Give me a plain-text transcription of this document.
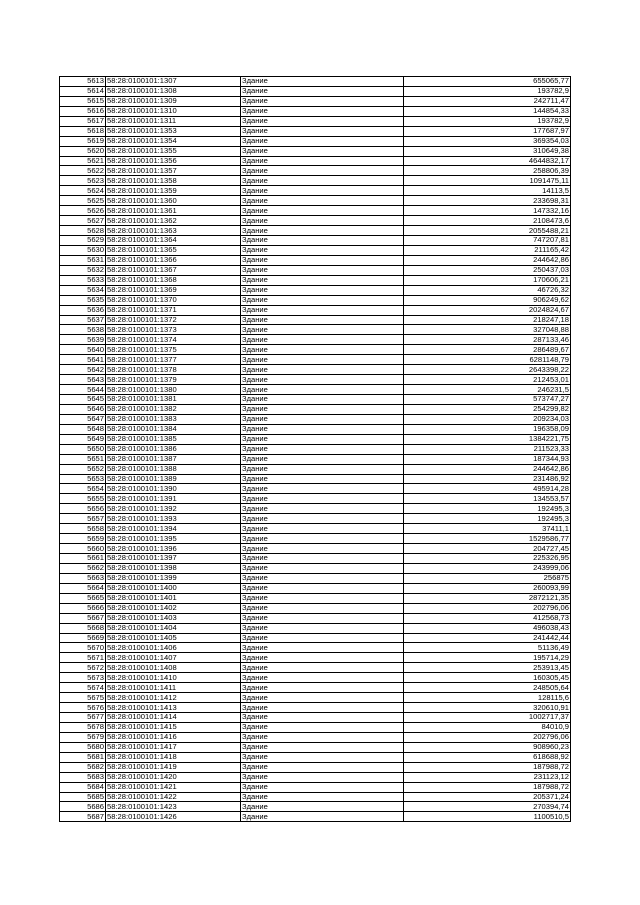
5613	58:28:0100101:1307	Здание	655065,77
5614	58:28:0100101:1308	Здание	193782,9
5615	58:28:0100101:1309	Здание	242711,47
5616	58:28:0100101:1310	Здание	144854,33
5617	58:28:0100101:1311	Здание	193782,9
5618	58:28:0100101:1353	Здание	177687,97
5619	58:28:0100101:1354	Здание	369354,03
5620	58:28:0100101:1355	Здание	310649,38
5621	58:28:0100101:1356	Здание	4644832,17
5622	58:28:0100101:1357	Здание	258806,39
5623	58:28:0100101:1358	Здание	1091475,11
5624	58:28:0100101:1359	Здание	14113,5
5625	58:28:0100101:1360	Здание	233698,31
5626	58:28:0100101:1361	Здание	147332,16
5627	58:28:0100101:1362	Здание	2108473,6
5628	58:28:0100101:1363	Здание	2055488,21
5629	58:28:0100101:1364	Здание	747207,81
5630	58:28:0100101:1365	Здание	211165,42
5631	58:28:0100101:1366	Здание	244642,86
5632	58:28:0100101:1367	Здание	250437,03
5633	58:28:0100101:1368	Здание	170606,21
5634	58:28:0100101:1369	Здание	46726,32
5635	58:28:0100101:1370	Здание	906249,62
5636	58:28:0100101:1371	Здание	2024824,67
5637	58:28:0100101:1372	Здание	218247,18
5638	58:28:0100101:1373	Здание	327048,88
5639	58:28:0100101:1374	Здание	287133,46
5640	58:28:0100101:1375	Здание	286489,67
5641	58:28:0100101:1377	Здание	6281148,79
5642	58:28:0100101:1378	Здание	2643398,22
5643	58:28:0100101:1379	Здание	212453,01
5644	58:28:0100101:1380	Здание	246231,5
5645	58:28:0100101:1381	Здание	573747,27
5646	58:28:0100101:1382	Здание	254299,82
5647	58:28:0100101:1383	Здание	209234,03
5648	58:28:0100101:1384	Здание	196358,09
5649	58:28:0100101:1385	Здание	1384221,75
5650	58:28:0100101:1386	Здание	211523,33
5651	58:28:0100101:1387	Здание	187344,93
5652	58:28:0100101:1388	Здание	244642,86
5653	58:28:0100101:1389	Здание	231486,92
5654	58:28:0100101:1390	Здание	495914,28
5655	58:28:0100101:1391	Здание	134553,57
5656	58:28:0100101:1392	Здание	192495,3
5657	58:28:0100101:1393	Здание	192495,3
5658	58:28:0100101:1394	Здание	37411,1
5659	58:28:0100101:1395	Здание	1529586,77
5660	58:28:0100101:1396	Здание	204727,45
5661	58:28:0100101:1397	Здание	225326,95
5662	58:28:0100101:1398	Здание	243999,06
5663	58:28:0100101:1399	Здание	256875
5664	58:28:0100101:1400	Здание	260093,99
5665	58:28:0100101:1401	Здание	2872121,35
5666	58:28:0100101:1402	Здание	202796,06
5667	58:28:0100101:1403	Здание	412568,73
5668	58:28:0100101:1404	Здание	496038,43
5669	58:28:0100101:1405	Здание	241442,44
5670	58:28:0100101:1406	Здание	51136,49
5671	58:28:0100101:1407	Здание	195714,29
5672	58:28:0100101:1408	Здание	253913,45
5673	58:28:0100101:1410	Здание	160305,45
5674	58:28:0100101:1411	Здание	248505,64
5675	58:28:0100101:1412	Здание	128115,6
5676	58:28:0100101:1413	Здание	320610,91
5677	58:28:0100101:1414	Здание	1002717,37
5678	58:28:0100101:1415	Здание	84010,9
5679	58:28:0100101:1416	Здание	202796,06
5680	58:28:0100101:1417	Здание	908960,23
5681	58:28:0100101:1418	Здание	618688,92
5682	58:28:0100101:1419	Здание	187988,72
5683	58:28:0100101:1420	Здание	231123,12
5684	58:28:0100101:1421	Здание	187988,72
5685	58:28:0100101:1422	Здание	205371,24
5686	58:28:0100101:1423	Здание	270394,74
5687	58:28:0100101:1426	Здание	1100510,5
